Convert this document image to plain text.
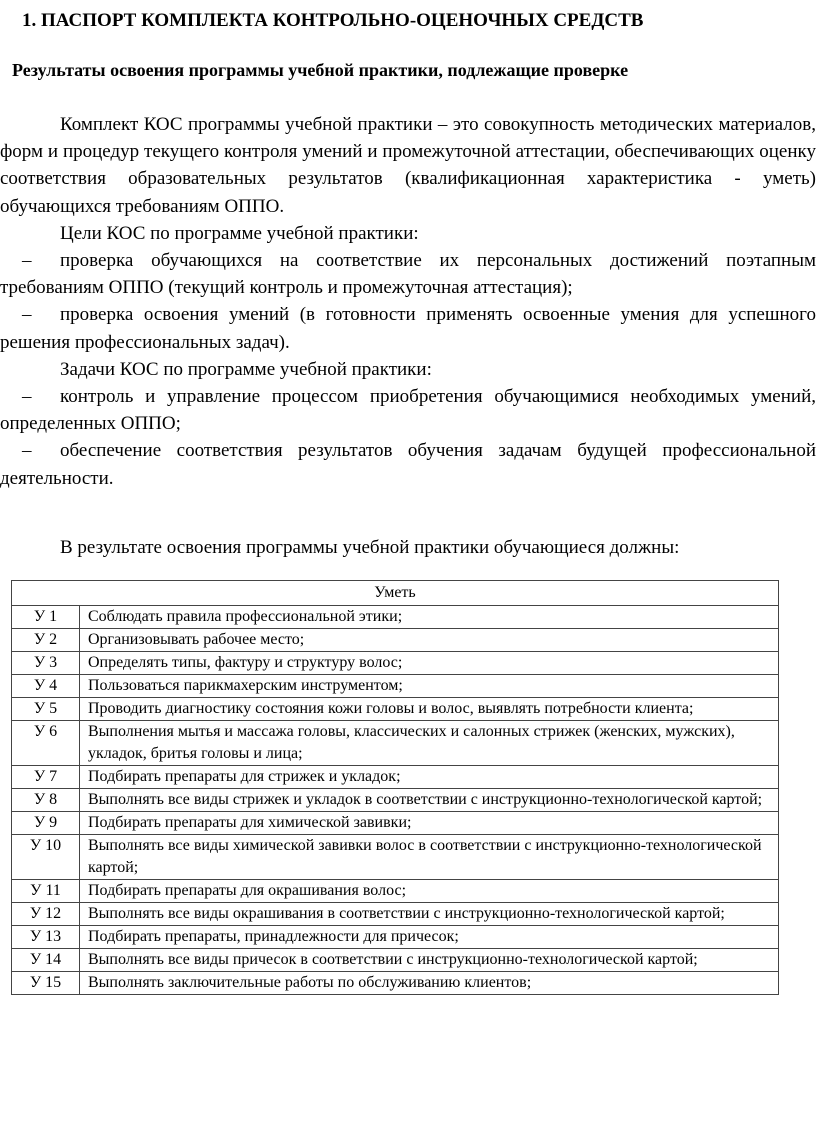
1. ПАСПОРТ КОМПЛЕКТА КОНТРОЛЬНО-ОЦЕНОЧНЫХ СРЕДСТВ
Результаты освоения программы учебной практики, подлежащие проверке

Комплект КОС программы учебной практики – это совокупность методических материалов, форм и процедур текущего контроля умений и промежуточной аттестации, обеспечивающих оценку соответствия образовательных результатов (квалификационная характеристика - уметь) обучающихся требованиям ОППО.

Цели КОС по программе учебной практики:

– проверка обучающихся на соответствие их персональных достижений поэтапным требованиям ОППО (текущий контроль и промежуточная аттестация);

– проверка освоения умений (в готовности применять освоенные умения для успешного решения профессиональных задач).

Задачи КОС по программе учебной практики:

– контроль и управление процессом приобретения обучающимися необходимых умений, определенных ОППО;

– обеспечение соответствия результатов обучения задачам будущей профессиональной деятельности.

В результате освоения программы учебной практики обучающиеся должны:
Уметь	
У 1	Соблюдать правила профессиональной этики;
У 2	Организовывать рабочее место;
У 3	Определять типы, фактуру и структуру волос;
У 4	Пользоваться парикмахерским инструментом;
У 5	Проводить диагностику состояния кожи головы и волос, выявлять потребности клиента;
У 6	Выполнения мытья и массажа головы, классических и салонных стрижек (женских, мужских), укладок, бритья головы и лица;
У 7	Подбирать препараты для стрижек и укладок;
У 8	Выполнять все виды стрижек и укладок в соответствии с инструкционно-технологической картой;
У 9	Подбирать препараты для химической завивки;
У 10	Выполнять все виды химической завивки волос в соответствии с инструкционно-технологической картой;
У 11	Подбирать препараты для окрашивания волос;
У 12	Выполнять все виды окрашивания в соответствии с инструкционно-технологической картой;
У 13	Подбирать препараты, принадлежности для причесок;
У 14	Выполнять все виды причесок в соответствии с инструкционно-технологической картой;
У 15	Выполнять заключительные работы по обслуживанию клиентов;
